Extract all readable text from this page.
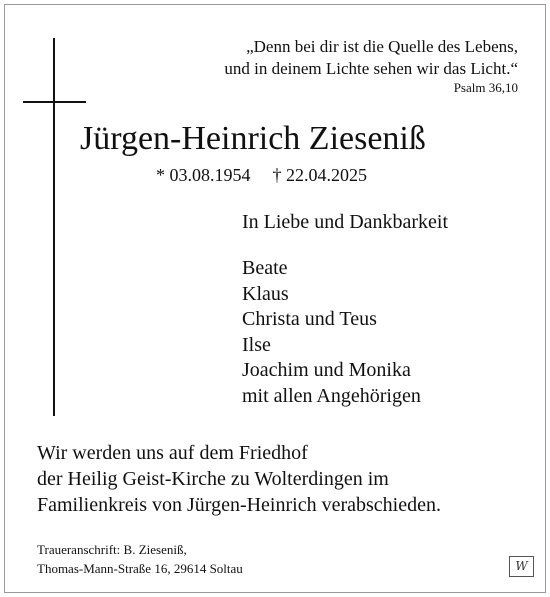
„Denn bei dir ist die Quelle des Lebens,
und in deinem Lichte sehen wir das Licht.“
Psalm 36,10
Jürgen-Heinrich Ziesenіß
* 03.08.1954 † 22.04.2025
In Liebe und Dankbarkeit
Beate
Klaus
Christa und Teus
Ilse
Joachim und Monika
mit allen Angehörigen
Wir werden uns auf dem Friedhof
der Heilig Geist-Kirche zu Wolterdingen im
Familienkreis von Jürgen-Heinrich verabschieden.
Traueranschrift: B. Ziesenіß,
Thomas-Mann-Straße 16, 29614 Soltau	W
